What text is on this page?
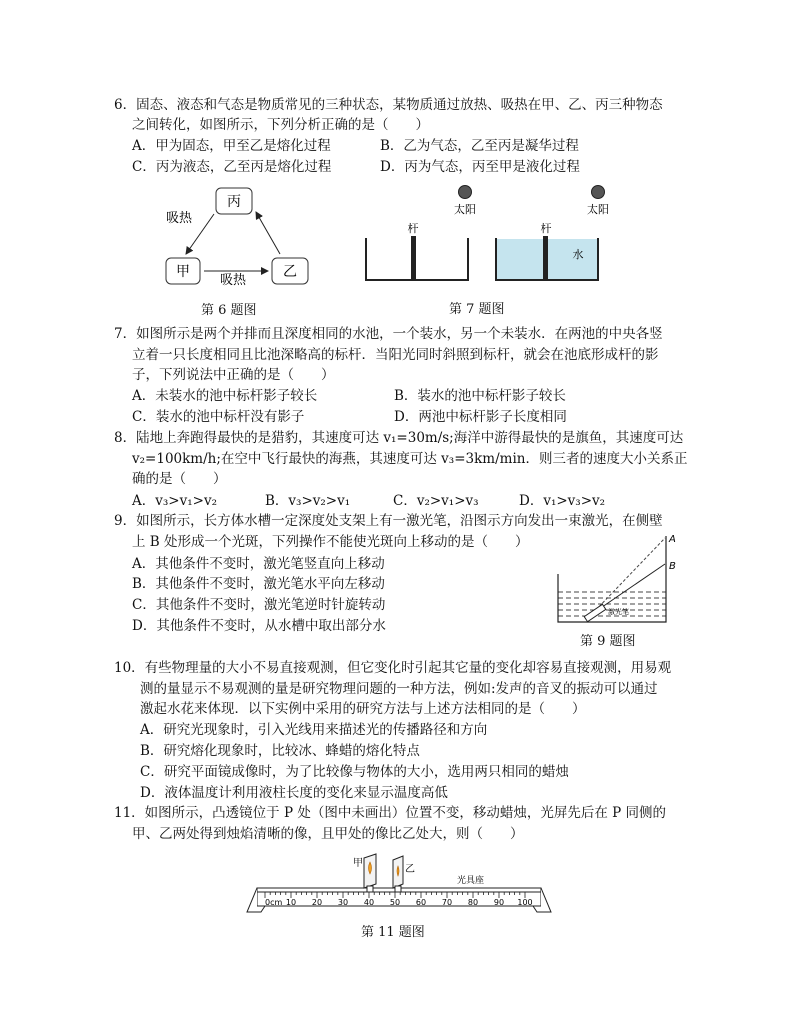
6．固态、液态和气态是物质常见的三种状态，某物质通过放热、吸热在甲、乙、丙三种物态
之间转化，如图所示，下列分析正确的是（　　）
A．甲为固态，甲至乙是熔化过程	B．乙为气态，乙至丙是凝华过程
C．丙为液态，乙至丙是熔化过程	D．丙为气态，丙至甲是液化过程
丙
甲	乙
吸热
吸热
第 6 题图
太阳	太阳
杆	杆
水
第 7 题图
7．如图所示是两个并排而且深度相同的水池，一个装水，另一个未装水．在两池的中央各竖
立着一只长度相同且比池深略高的标杆．当阳光同时斜照到标杆，就会在池底形成杆的影
子，下列说法中正确的是（　　）
A．未装水的池中标杆影子较长	B．装水的池中标杆影子较长
C．装水的池中标杆没有影子	D．两池中标杆影子长度相同
8．陆地上奔跑得最快的是猎豹，其速度可达 v₁=30m/s;海洋中游得最快的是旗鱼，其速度可达
v₂=100km/h;在空中飞行最快的海燕，其速度可达 v₃=3km/min．则三者的速度大小关系正
确的是（　　）
A．v₃>v₁>v₂	B．v₃>v₂>v₁	C．v₂>v₁>v₃	D．v₁>v₃>v₂
9．如图所示，长方体水槽一定深度处支架上有一激光笔，沿图示方向发出一束激光，在侧壁
上 B 处形成一个光斑，下列操作不能使光斑向上移动的是（　　）
A．其他条件不变时，激光笔竖直向上移动
B．其他条件不变时，激光笔水平向左移动
C．其他条件不变时，激光笔逆时针旋转动
D．其他条件不变时，从水槽中取出部分水
激光笔
A
B
第 9 题图
10．有些物理量的大小不易直接观测，但它变化时引起其它量的变化却容易直接观测，用易观
测的量显示不易观测的量是研究物理问题的一种方法，例如:发声的音叉的振动可以通过
激起水花来体现．以下实例中采用的研究方法与上述方法相同的是（　　）
A．研究光现象时，引入光线用来描述光的传播路径和方向
B．研究熔化现象时，比较冰、蜂蜡的熔化特点
C．研究平面镜成像时，为了比较像与物体的大小，选用两只相同的蜡烛
D．液体温度计利用液柱长度的变化来显示温度高低
11．如图所示，凸透镜位于 P 处（图中未画出）位置不变，移动蜡烛，光屏先后在 P 同侧的
甲、乙两处得到烛焰清晰的像，且甲处的像比乙处大，则（　　）
0cm 10 20 30 40 50 60 70 80 90 100
光具座
甲
乙
第 11 题图
